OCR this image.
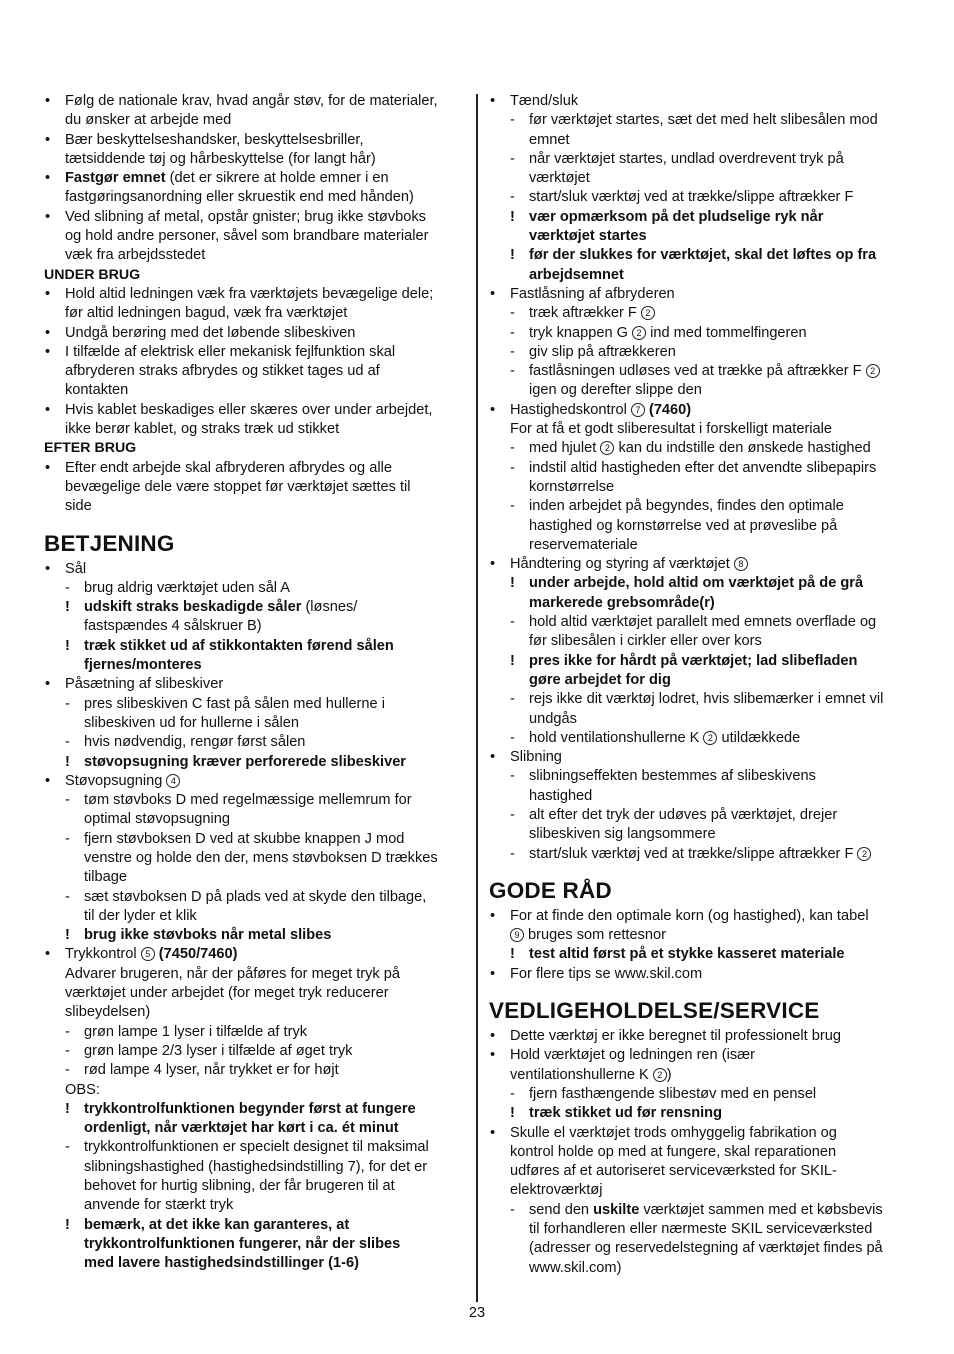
• Følg de nationale krav, hvad angår støv, for de materialer,
du ønsker at arbejde med
• Bær beskyttelseshandsker, beskyttelsesbriller,
tætsiddende tøj og hårbeskyttelse (for langt hår)
• Fastgør emnet (det er sikrere at holde emner i en
fastgøringsanordning eller skruestik end med hånden)
• Ved slibning af metal, opstår gnister; brug ikke støvboks
og hold andre personer, såvel som brandbare materialer
væk fra arbejdsstedet
UNDER BRUG
• Hold altid ledningen væk fra værktøjets bevægelige dele;
før altid ledningen bagud, væk fra værktøjet
• Undgå berøring med det løbende slibeskiven
• I tilfælde af elektrisk eller mekanisk fejlfunktion skal
afbryderen straks afbrydes og stikket tages ud af
kontakten
• Hvis kablet beskadiges eller skæres over under arbejdet,
ikke berør kablet, og straks træk ud stikket
EFTER BRUG
• Efter endt arbejde skal afbryderen afbrydes og alle
bevægelige dele være stoppet før værktøjet sættes til
side
BETJENING
• Sål
- brug aldrig værktøjet uden sål A
! udskift straks beskadigde såler (løsnes/
fastspændes 4 sålskruer B)
! træk stikket ud af stikkontakten førend sålen
fjernes/monteres
• Påsætning af slibeskiver
- pres slibeskiven C fast på sålen med hullerne i
slibeskiven ud for hullerne i sålen
- hvis nødvendig, rengør først sålen
! støvopsugning kræver perforerede slibeskiver
• Støvopsugning 4
- tøm støvboks D med regelmæssige mellemrum for
optimal støvopsugning
- fjern støvboksen D ved at skubbe knappen J mod
venstre og holde den der, mens støvboksen D trækkes
tilbage
- sæt støvboksen D på plads ved at skyde den tilbage,
til der lyder et klik
! brug ikke støvboks når metal slibes
• Trykkontrol 5 (7450/7460)
Advarer brugeren, når der påføres for meget tryk på
værktøjet under arbejdet (for meget tryk reducerer
slibeydelsen)
- grøn lampe 1 lyser i tilfælde af tryk
- grøn lampe 2/3 lyser i tilfælde af øget tryk
- rød lampe 4 lyser, når trykket er for højt
OBS:
! trykkontrolfunktionen begynder først at fungere
ordenligt, når værktøjet har kørt i ca. ét minut
- trykkontrolfunktionen er specielt designet til maksimal
slibningshastighed (hastighedsindstilling 7), for det er
behovet for hurtig slibning, der får brugeren til at
anvende for stærkt tryk
! bemærk, at det ikke kan garanteres, at
trykkontrolfunktionen fungerer, når der slibes
med lavere hastighedsindstillinger (1-6)
• Tænd/sluk
- før værktøjet startes, sæt det med helt slibesålen mod
emnet
- når værktøjet startes, undlad overdrevent tryk på
værktøjet
- start/sluk værktøj ved at trække/slippe aftrækker F
! vær opmærksom på det pludselige ryk når
værktøjet startes
! før der slukkes for værktøjet, skal det løftes op fra
arbejdsemnet
• Fastlåsning af afbryderen
- træk aftrækker F 2
- tryk knappen G 2 ind med tommelfingeren
- giv slip på aftrækkeren
- fastlåsningen udløses ved at trække på aftrækker F 2
igen og derefter slippe den
• Hastighedskontrol 7 (7460)
For at få et godt sliberesultat i forskelligt materiale
- med hjulet 2 kan du indstille den ønskede hastighed
- indstil altid hastigheden efter det anvendte slibepapirs
kornstørrelse
- inden arbejdet på begyndes, findes den optimale
hastighed og kornstørrelse ved at prøveslibe på
reservemateriale
• Håndtering og styring af værktøjet 8
! under arbejde, hold altid om værktøjet på de grå
markerede grebsområde(r)
- hold altid værktøjet parallelt med emnets overflade og
før slibesålen i cirkler eller over kors
! pres ikke for hårdt på værktøjet; lad slibefladen
gøre arbejdet for dig
- rejs ikke dit værktøj lodret, hvis slibemærker i emnet vil
undgås
- hold ventilationshullerne K 2 utildækkede
• Slibning
- slibningseffekten bestemmes af slibeskivens
hastighed
- alt efter det tryk der udøves på værktøjet, drejer
slibeskiven sig langsommere
- start/sluk værktøj ved at trække/slippe aftrækker F 2
GODE RÅD
• For at finde den optimale korn (og hastighed), kan tabel
9 bruges som rettesnor
! test altid først på et stykke kasseret materiale
• For flere tips se www.skil.com
VEDLIGEHOLDELSE/SERVICE
• Dette værktøj er ikke beregnet til professionelt brug
• Hold værktøjet og ledningen ren (især
ventilationshullerne K 2 )
- fjern fasthængende slibestøv med en pensel
! træk stikket ud før rensning
• Skulle el værktøjet trods omhyggelig fabrikation og
kontrol holde op med at fungere, skal reparationen
udføres af et autoriseret serviceværksted for SKIL-
elektroværktøj
- send den uskilte værktøjet sammen med et købsbevis
til forhandleren eller nærmeste SKIL serviceværksted
(adresser og reservedelstegning af værktøjet findes på
www.skil.com)
23
